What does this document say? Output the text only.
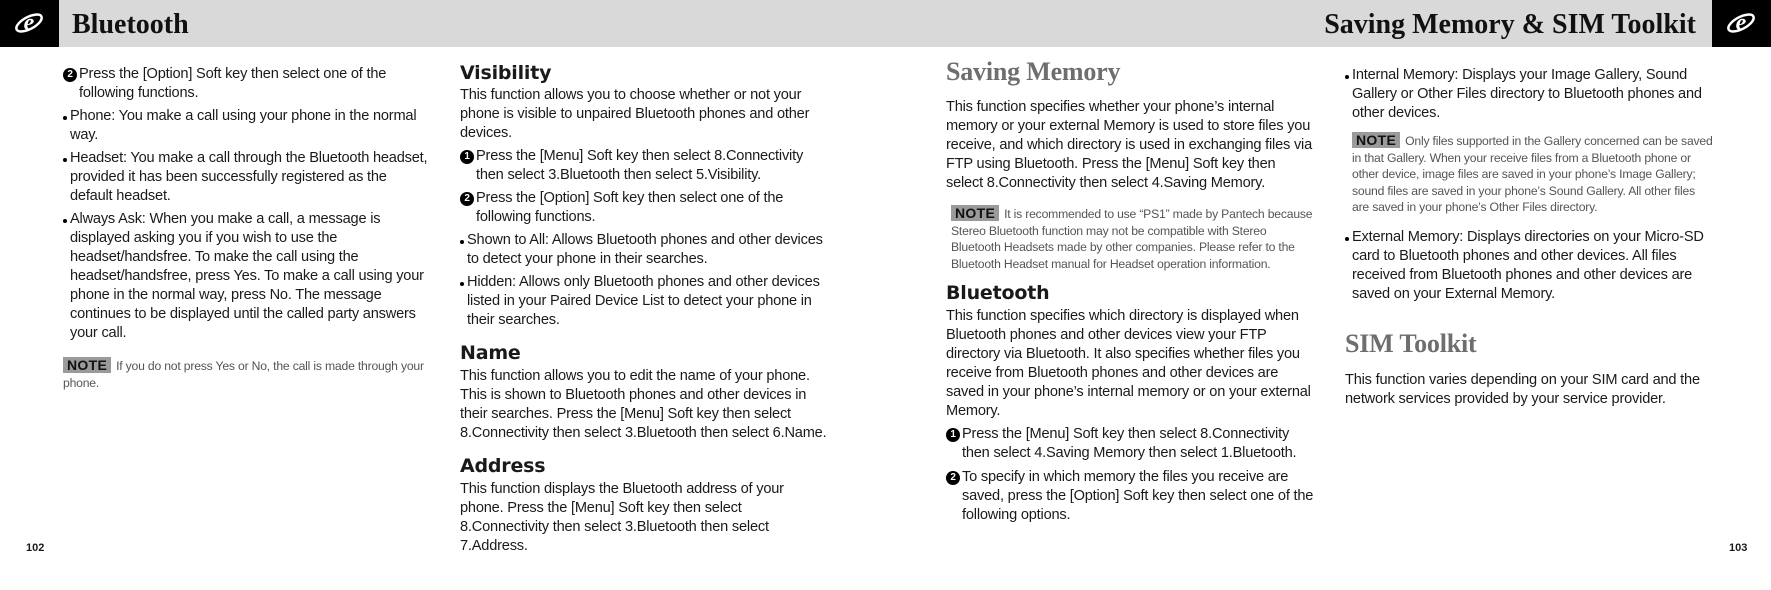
e Bluetooth	Saving Memory & SIM Toolkit e
2 Press the [Option] Soft key then select one of the following functions.

Phone: You make a call using your phone in the normal way.

Headset: You make a call through the Bluetooth headset, provided it has been successfully registered as the default headset.

Always Ask: When you make a call, a message is displayed asking you if you wish to use the headset/handsfree. To make the call using the headset/handsfree, press Yes. To make a call using your phone in the normal way, press No. The message continues to be displayed until the called party answers your call.

NOTE If you do not press Yes or No, the call is made through your phone.

Visibility

This function allows you to choose whether or not your phone is visible to unpaired Bluetooth phones and other devices.

1 Press the [Menu] Soft key then select 8.Connectivity then select 3.Bluetooth then select 5.Visibility.

2 Press the [Option] Soft key then select one of the following functions.

Shown to All: Allows Bluetooth phones and other devices to detect your phone in their searches.

Hidden: Allows only Bluetooth phones and other devices listed in your Paired Device List to detect your phone in their searches.

Name

This function allows you to edit the name of your phone. This is shown to Bluetooth phones and other devices in their searches. Press the [Menu] Soft key then select 8.Connectivity then select 3.Bluetooth then select 6.Name.

Address

This function displays the Bluetooth address of your phone. Press the [Menu] Soft key then select 8.Connectivity then select 3.Bluetooth then select 7.Address.

Saving Memory

This function specifies whether your phone’s internal memory or your external Memory is used to store files you receive, and which directory is used in exchanging files via FTP using Bluetooth. Press the [Menu] Soft key then select 8.Connectivity then select 4.Saving Memory.

NOTE It is recommended to use “PS1” made by Pantech because Stereo Bluetooth function may not be compatible with Stereo Bluetooth Headsets made by other companies. Please refer to the Bluetooth Headset manual for Headset operation information.

Bluetooth

This function specifies which directory is displayed when Bluetooth phones and other devices view your FTP directory via Bluetooth. It also specifies whether files you receive from Bluetooth phones and other devices are saved in your phone’s internal memory or on your external Memory.

1 Press the [Menu] Soft key then select 8.Connectivity then select 4.Saving Memory then select 1.Bluetooth.

2 To specify in which memory the files you receive are saved, press the [Option] Soft key then select one of the following options.

Internal Memory: Displays your Image Gallery, Sound Gallery or Other Files directory to Bluetooth phones and other devices.

NOTE Only files supported in the Gallery concerned can be saved in that Gallery. When your receive files from a Bluetooth phone or other device, image files are saved in your phone’s Image Gallery; sound files are saved in your phone’s Sound Gallery. All other files are saved in your phone’s Other Files directory.

External Memory: Displays directories on your Micro-SD card to Bluetooth phones and other devices. All files received from Bluetooth phones and other devices are saved on your External Memory.

SIM Toolkit

This function varies depending on your SIM card and the network services provided by your service provider.

102	103
